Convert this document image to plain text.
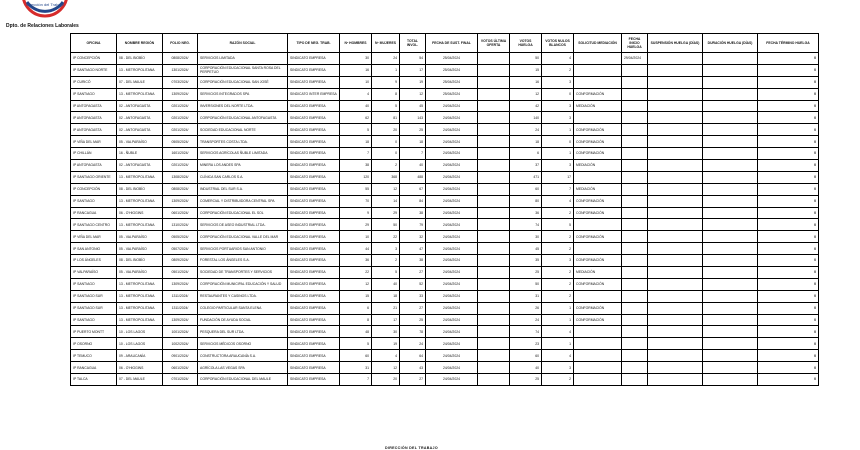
Dirección del Trabajo
Dpto. de Relaciones Laborales
OFICINA	NOMBRE REGIÓN	FOLIO NEG.	RAZÓN SOCIAL	TIPO DE NEG. TRAB.	Nº HOMBRES	Nº MUJERES	TOTAL INVOL.	FECHA DE SUST. FINAL	VOTOS ÚLTIMA OFERTA	VOTOS HUELGA	VOTOS NULOS BLANCOS	SOLICITUD MEDIACIÓN	FECHA INICIO HUELGA	SUSPENSIÓN HUELGA (DÍAS)	DURACIÓN HUELGA (DÍAS)	FECHA TÉRMINO HUELGA
IP CONCEPCIÓN	08 - DEL BIOBÍO	0808/2024/	SERVICIOS LIMITADA	SINDICATO EMPRESA	30	24	54	25/04/2024		50	4		29/04/2024			0
IP SANTIAGO NORTE	13 - METROPOLITANA	1301/2024/	CORPORACIÓN EDUCACIONAL SANTA ROSA DEL PERPETUO	SINDICATO EMPRESA	16	1	17	25/04/2024		15	2					0
IP CURICÓ	07 - DEL MAULE	0703/2024/	CORPORACIÓN EDUCACIONAL SAN JOSÉ	SINDICATO EMPRESA	10	9	19	25/04/2024		16	3					0
IP SANTIAGO	13 - METROPOLITANA	1309/2024/	SERVICIOS INTEGRADOS SPA	SINDICATO INTER EMPRESA	4	8	12	25/04/2024		12	0	CONFORMACIÓN				0
IP ANTOFAGASTA	02 - ANTOFAGASTA	0201/2024/	INVERSIONES DEL NORTE LTDA.	SINDICATO EMPRESA	40	5	45	24/04/2024		42	3	MEDIACIÓN				0
IP ANTOFAGASTA	02 - ANTOFAGASTA	0201/2024/	CORPORACIÓN EDUCACIONAL ANTOFAGASTA	SINDICATO EMPRESA	62	81	143	24/04/2024		140	3					0
IP ANTOFAGASTA	02 - ANTOFAGASTA	0201/2024/	SOCIEDAD EDUCACIONAL NORTE	SINDICATO EMPRESA	5	20	25	24/04/2024		24	1	CONFORMACIÓN				0
IP VIÑA DEL MAR	05 - VALPARAÍSO	0505/2024/	TRANSPORTES COSTA LTDA.	SINDICATO EMPRESA	18	0	18	24/04/2024		18	0	CONFORMACIÓN				0
IP CHILLÁN	16 - ÑUBLE	1601/2024/	SERVICIOS AGRÍCOLAS ÑUBLE LIMITADA	SINDICATO EMPRESA	7	0	7	24/04/2024		6	1	CONFORMACIÓN				0
IP ANTOFAGASTA	02 - ANTOFAGASTA	0201/2024/	MINERA LOS ANDES SPA	SINDICATO EMPRESA	38	2	40	24/04/2024		37	3	MEDIACIÓN				0
IP SANTIAGO ORIENTE	13 - METROPOLITANA	1308/2024/	CLÍNICA SAN CARLOS S.A.	SINDICATO EMPRESA	120	368	488	24/04/2024		471	17					0
IP CONCEPCIÓN	08 - DEL BIOBÍO	0808/2024/	INDUSTRIAL DEL SUR S.A.	SINDICATO EMPRESA	55	12	67	24/04/2024		60	7	MEDIACIÓN				0
IP SANTIAGO	13 - METROPOLITANA	1309/2024/	COMERCIAL Y DISTRIBUIDORA CENTRAL SPA	SINDICATO EMPRESA	70	14	84	24/04/2024		80	4	CONFORMACIÓN				0
IP RANCAGUA	06 - O'HIGGINS	0601/2024/	CORPORACIÓN EDUCACIONAL EL SOL	SINDICATO EMPRESA	9	29	38	24/04/2024		36	2	CONFORMACIÓN				0
IP SANTIAGO CENTRO	13 - METROPOLITANA	1310/2024/	SERVICIOS DE ASEO INDUSTRIAL LTDA.	SINDICATO EMPRESA	29	50	79	24/04/2024		74	5					0
IP VIÑA DEL MAR	05 - VALPARAÍSO	0505/2024/	CORPORACIÓN EDUCACIONAL VALLE DEL MAR	SINDICATO EMPRESA	10	22	32	24/04/2024		30	2	CONFORMACIÓN				0
IP SAN ANTONIO	05 - VALPARAÍSO	0507/2024/	SERVICIOS PORTUARIOS SAN ANTONIO	SINDICATO EMPRESA	44	3	47	24/04/2024		45	2					0
IP LOS ÁNGELES	08 - DEL BIOBÍO	0809/2024/	FORESTAL LOS ÁNGELES S.A.	SINDICATO EMPRESA	36	2	38	24/04/2024		35	3	CONFORMACIÓN				0
IP VALPARAÍSO	05 - VALPARAÍSO	0501/2024/	SOCIEDAD DE TRANSPORTES Y SERVICIOS	SINDICATO EMPRESA	22	5	27	24/04/2024		25	2	MEDIACIÓN				0
IP SANTIAGO	13 - METROPOLITANA	1309/2024/	CORPORACIÓN MUNICIPAL EDUCACIÓN Y SALUD	SINDICATO EMPRESA	12	40	52	24/04/2024		50	2	CONFORMACIÓN				0
IP SANTIAGO SUR	13 - METROPOLITANA	1311/2024/	RESTAURANTES Y CASINOS LTDA.	SINDICATO EMPRESA	15	18	33	24/04/2024		31	2					0
IP SANTIAGO SUR	13 - METROPOLITANA	1311/2024/	COLEGIO PARTICULAR SANTA ELENA	SINDICATO EMPRESA	6	21	27	24/04/2024		26	1	CONFORMACIÓN				0
IP SANTIAGO	13 - METROPOLITANA	1309/2024/	FUNDACIÓN DE AYUDA SOCIAL	SINDICATO EMPRESA	8	17	25	24/04/2024		24	1	CONFORMACIÓN				0
IP PUERTO MONTT	10 - LOS LAGOS	1001/2024/	PESQUERA DEL SUR LTDA.	SINDICATO EMPRESA	48	30	78	24/04/2024		74	4					0
IP OSORNO	10 - LOS LAGOS	1002/2024/	SERVICIOS MÉDICOS OSORNO	SINDICATO EMPRESA	5	19	24	24/04/2024		23	1					0
IP TEMUCO	09 - ARAUCANÍA	0901/2024/	CONSTRUCTORA ARAUCANÍA S.A.	SINDICATO EMPRESA	60	4	64	24/04/2024		60	4					0
IP RANCAGUA	06 - O'HIGGINS	0601/2024/	AGRÍCOLA LAS VEGAS SPA	SINDICATO EMPRESA	31	12	43	24/04/2024		40	3					0
IP TALCA	07 - DEL MAULE	0701/2024/	CORPORACIÓN EDUCACIONAL DEL MAULE	SINDICATO EMPRESA	7	20	27	24/04/2024		25	2					0
DIRECCIÓN DEL TRABAJO
